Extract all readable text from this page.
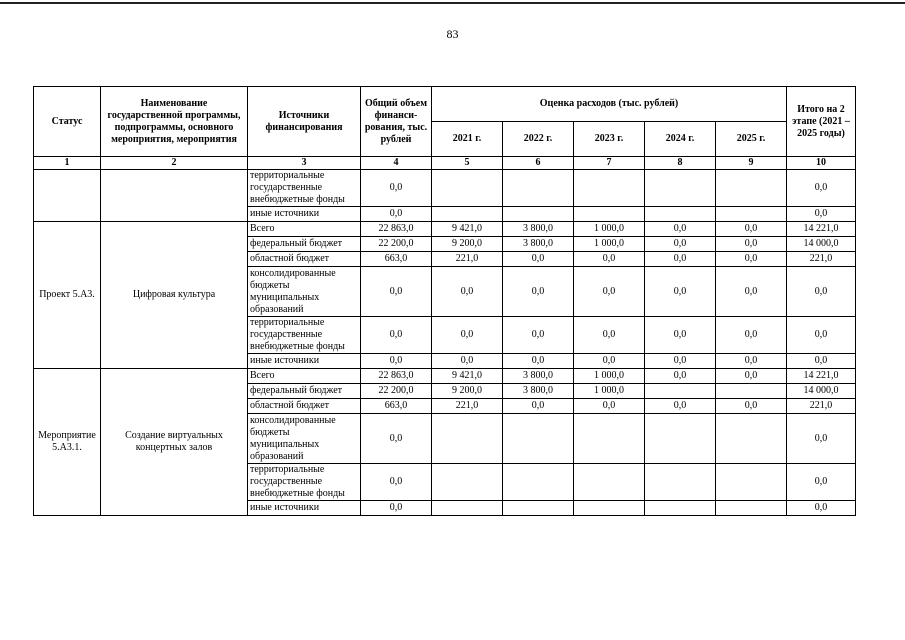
83
Статус	Наименование государственной программы, подпрограммы, основного мероприятия, мероприятия	Источники финансирования	Общий объем финанси-рования, тыс. рублей	Оценка расходов (тыс. рублей)					Итого на 2 этапе (2021 – 2025 годы)
				2021 г.	2022 г.	2023 г.	2024 г.	2025 г.	
1	2	3	4	5	6	7	8	9	10
		территориальные государственные внебюджетные фонды	0,0						0,0
		иные источники	0,0						0,0
Проект 5.А3.	Цифровая культура	Всего	22 863,0	9 421,0	3 800,0	1 000,0	0,0	0,0	14 221,0
		федеральный бюджет	22 200,0	9 200,0	3 800,0	1 000,0	0,0	0,0	14 000,0
		областной бюджет	663,0	221,0	0,0	0,0	0,0	0,0	221,0
		консолидированные бюджеты муниципальных образований	0,0	0,0	0,0	0,0	0,0	0,0	0,0
		территориальные государственные внебюджетные фонды	0,0	0,0	0,0	0,0	0,0	0,0	0,0
		иные источники	0,0	0,0	0,0	0,0	0,0	0,0	0,0
Мероприятие 5.А3.1.	Создание виртуальных концертных залов	Всего	22 863,0	9 421,0	3 800,0	1 000,0	0,0	0,0	14 221,0
		федеральный бюджет	22 200,0	9 200,0	3 800,0	1 000,0			14 000,0
		областной бюджет	663,0	221,0	0,0	0,0	0,0	0,0	221,0
		консолидированные бюджеты муниципальных образований	0,0						0,0
		территориальные государственные внебюджетные фонды	0,0						0,0
		иные источники	0,0						0,0
